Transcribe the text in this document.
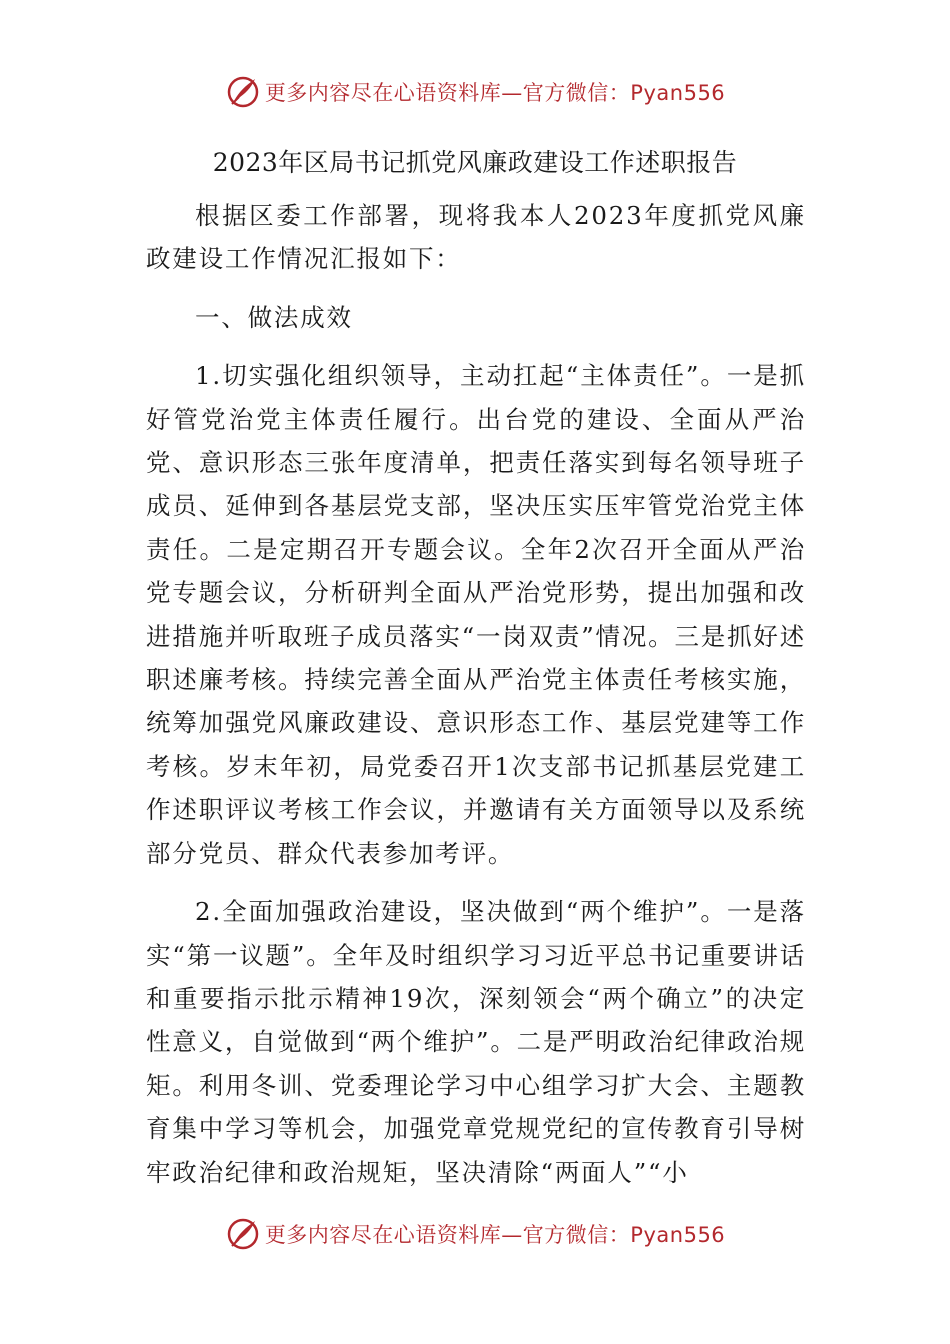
更多内容尽在心语资料库—官方微信：Pyan556
2023年区局书记抓党风廉政建设工作述职报告

根据区委工作部署，现将我本人2023年度抓党风廉政建设工作情况汇报如下：

一、做法成效

1.切实强化组织领导，主动扛起“主体责任”。一是抓好管党治党主体责任履行。出台党的建设、全面从严治党、意识形态三张年度清单，把责任落实到每名领导班子成员、延伸到各基层党支部，坚决压实压牢管党治党主体责任。二是定期召开专题会议。全年2次召开全面从严治党专题会议，分析研判全面从严治党形势，提出加强和改进措施并听取班子成员落实“一岗双责”情况。三是抓好述职述廉考核。持续完善全面从严治党主体责任考核实施，统筹加强党风廉政建设、意识形态工作、基层党建等工作考核。岁末年初，局党委召开1次支部书记抓基层党建工作述职评议考核工作会议，并邀请有关方面领导以及系统部分党员、群众代表参加考评。

2.全面加强政治建设，坚决做到“两个维护”。一是落实“第一议题”。全年及时组织学习习近平总书记重要讲话和重要指示批示精神19次，深刻领会“两个确立”的决定性意义，自觉做到“两个维护”。二是严明政治纪律政治规矩。利用冬训、党委理论学习中心组学习扩大会、主题教育集中学习等机会，加强党章党规党纪的宣传教育引导树牢政治纪律和政治规矩，坚决清除“两面人”“小

更多内容尽在心语资料库—官方微信：Pyan556
